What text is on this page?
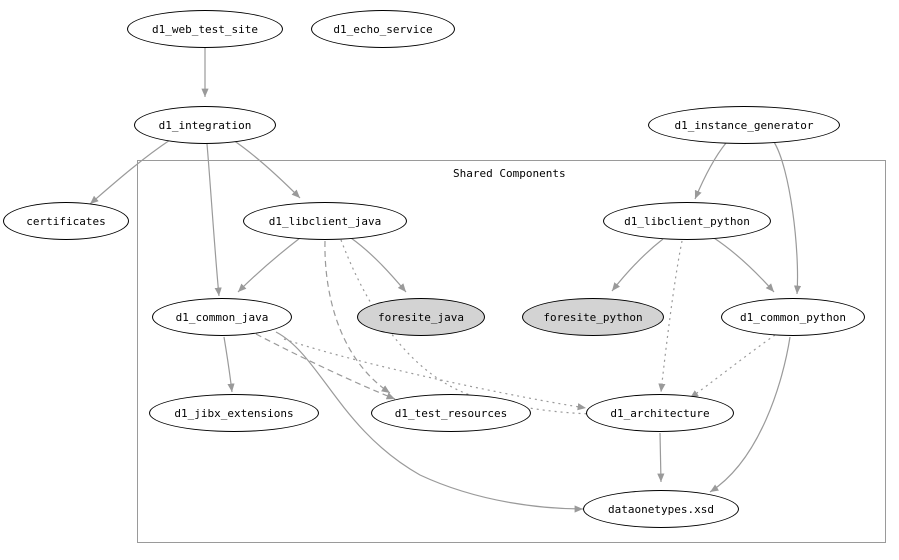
Shared Components
d1_web_test_site	d1_echo_service
d1_integration	d1_instance_generator
certificates	d1_libclient_java	d1_libclient_python
d1_common_java	foresite_java	foresite_python	d1_common_python
d1_jibx_extensions	d1_test_resources	d1_architecture
dataonetypes.xsd
